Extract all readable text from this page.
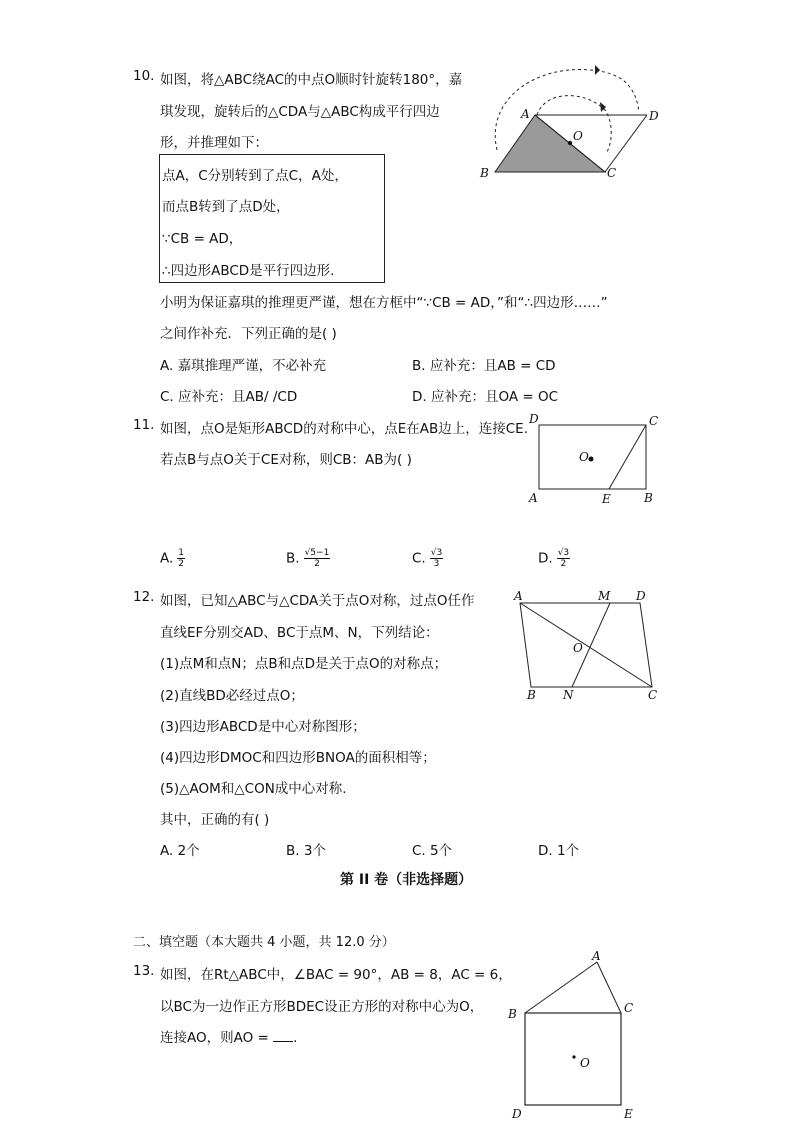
10. 如图，将△ABC绕AC的中点O顺时针旋转180°，嘉
琪发现，旋转后的△CDA与△ABC构成平行四边
形，并推理如下：
点A，C分别转到了点C，A处，
而点B转到了点D处，
∵CB = AD，
∴四边形ABCD是平行四边形.
小明为保证嘉琪的推理更严谨，想在方框中“∵CB = AD，”和“∴四边形……”
之间作补充．下列正确的是( )
A. 嘉琪推理严谨，不必补充	B. 应补充：且AB = CD
C. 应补充：且AB/ /CD	D. 应补充：且OA = OC
A
B	C
D
O
11. 如图，点O是矩形ABCD的对称中心，点E在AB边上，连接CE.
若点B与点O关于CE对称，则CB：AB为( )
D	C
A	E	B
O
A. $\frac{1}{2}$	B. $\frac{√5-1}{2}$	C. $\frac{√3}{3}$	D. $\frac{√3}{2}$
12. 如图，已知△ABC与△CDA关于点O对称，过点O任作
直线EF分别交AD、BC于点M、N，下列结论：
(1)点M和点N；点B和点D是关于点O的对称点；
(2)直线BD必经过点O；
(3)四边形ABCD是中心对称图形；
(4)四边形DMOC和四边形BNOA的面积相等；
(5)△AOM和△CON成中心对称.
其中，正确的有( )
A. 2个	B. 3个	C. 5个	D. 1个
A	M D
O
B N	C
第 II 卷（非选择题）
二、填空题（本大题共 4 小题，共 12.0 分）
13. 如图，在Rt△ABC中，∠BAC = 90°，AB = 8，AC = 6，
以BC为一边作正方形BDEC设正方形的对称中心为O，
连接AO，则AO = .
A
B	C
D	E
O
